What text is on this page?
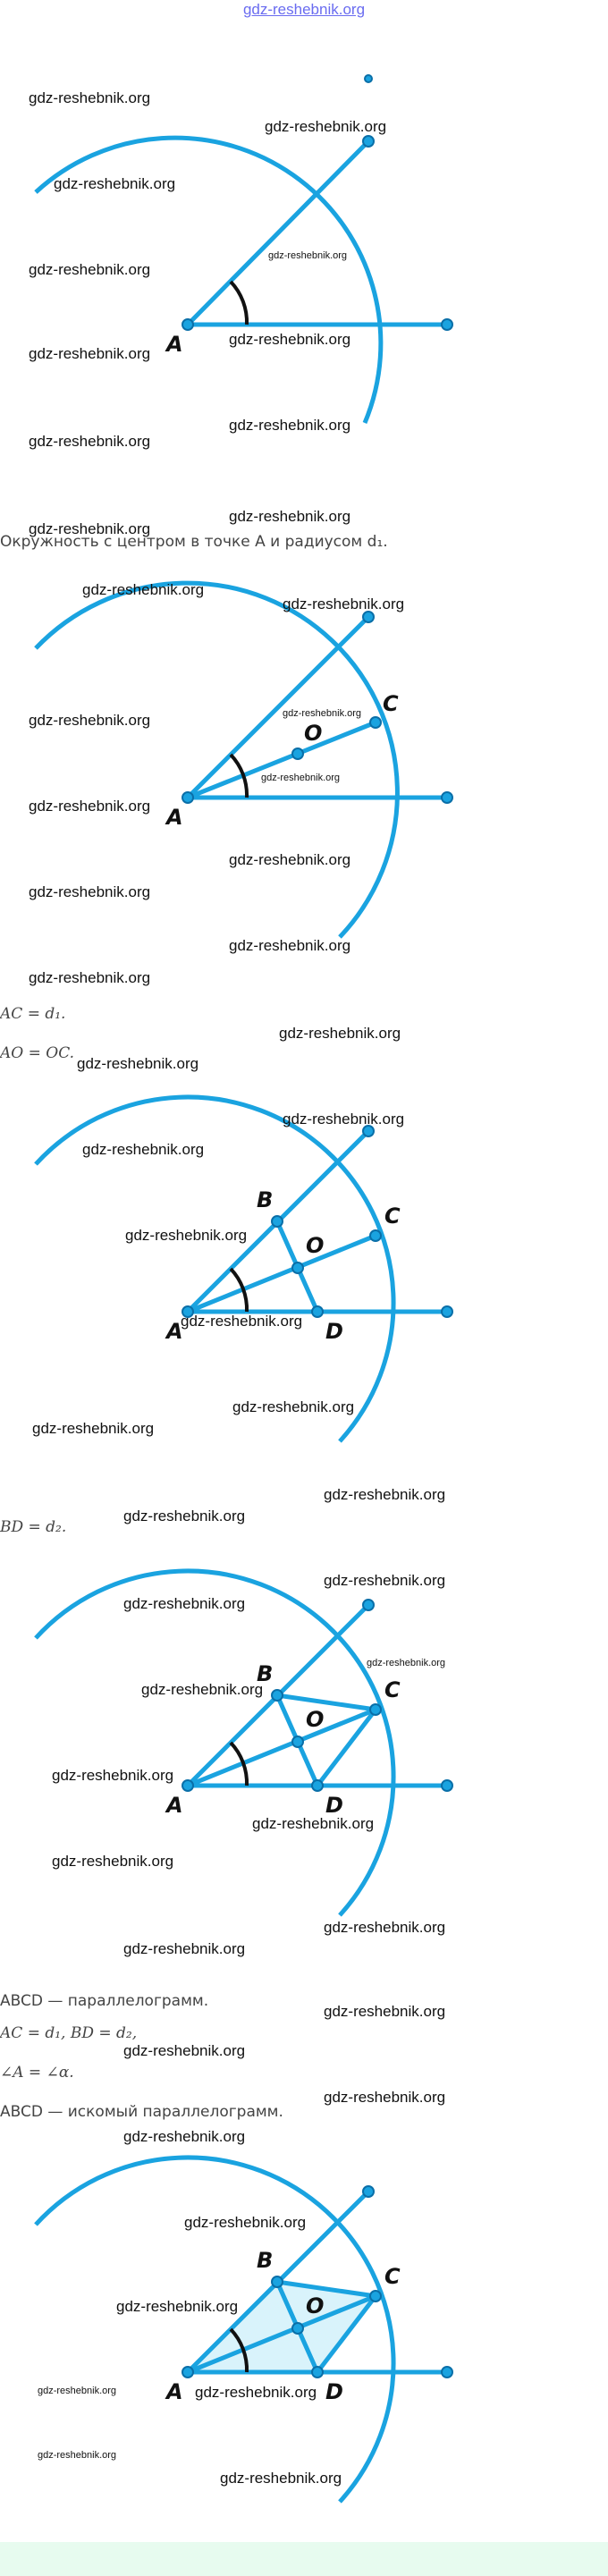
gdz-reshebnik.org
A
Окружность с центром в точке A и радиусом d₁.
A
O
C
AC = d₁.
AO = OC.
A
B
O
C
D
BD = d₂.
A
B
O
C
D
ABCD — параллелограмм.
AC = d₁, BD = d₂,
∠A = ∠α.
ABCD — искомый параллелограмм.
A
B
O
C
D
gdz-reshebnik.org
gdz-reshebnik.org
gdz-reshebnik.org
gdz-reshebnik.org
gdz-reshebnik.org
gdz-reshebnik.org
gdz-reshebnik.org
gdz-reshebnik.org
gdz-reshebnik.org
gdz-reshebnik.org
gdz-reshebnik.org
gdz-reshebnik.org
gdz-reshebnik.org
gdz-reshebnik.org
gdz-reshebnik.org
gdz-reshebnik.org
gdz-reshebnik.org
gdz-reshebnik.org
gdz-reshebnik.org
gdz-reshebnik.org
gdz-reshebnik.org
gdz-reshebnik.org
gdz-reshebnik.org
gdz-reshebnik.org
gdz-reshebnik.org
gdz-reshebnik.org
gdz-reshebnik.org
gdz-reshebnik.org
gdz-reshebnik.org
gdz-reshebnik.org
gdz-reshebnik.org
gdz-reshebnik.org
gdz-reshebnik.org
gdz-reshebnik.org
gdz-reshebnik.org
gdz-reshebnik.org
gdz-reshebnik.org
gdz-reshebnik.org
gdz-reshebnik.org
gdz-reshebnik.org
gdz-reshebnik.org
gdz-reshebnik.org
gdz-reshebnik.org
gdz-reshebnik.org
gdz-reshebnik.org
gdz-reshebnik.org
gdz-reshebnik.org
gdz-reshebnik.org
gdz-reshebnik.org
gdz-reshebnik.org
